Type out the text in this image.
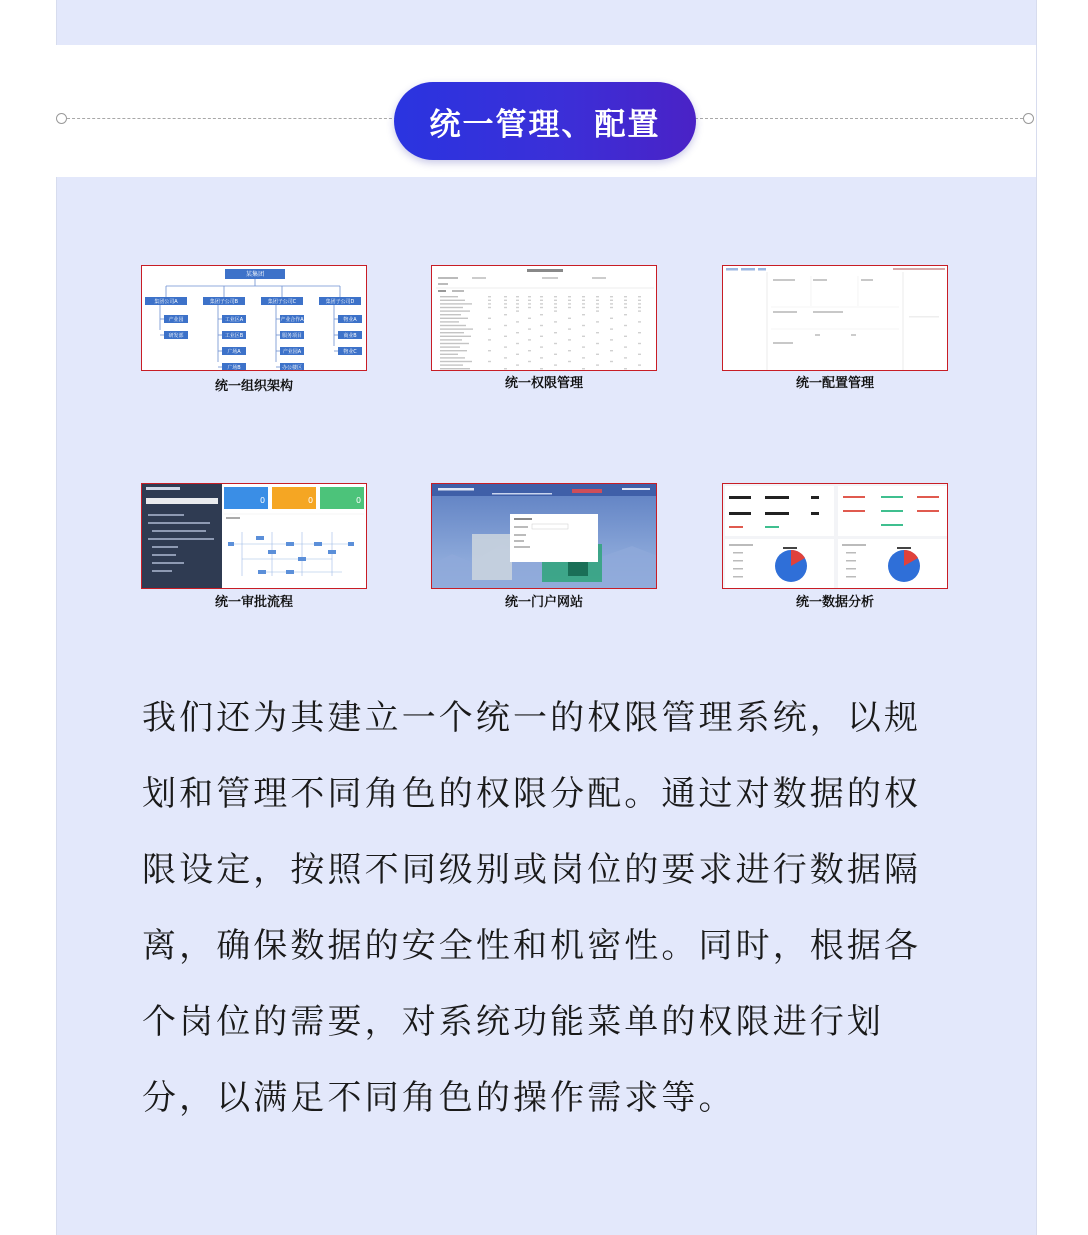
统一管理、配置
某集团
集团公司A
产业园
研发部
集团子公司B
工业区A
工业区B
广场A
广场B
集团子公司C
产业合作A
服务项目
产业园A
办公楼区
集团子公司D
物业A
商业B
物业C
统一组织架构	统一权限管理	统一配置管理
0	0	0
统一审批流程	统一门户网站	统一数据分析

我们还为其建立一个统一的权限管理系统，以规划和管理不同角色的权限分配。通过对数据的权限设定，按照不同级别或岗位的要求进行数据隔离，确保数据的安全性和机密性。同时，根据各个岗位的需要，对系统功能菜单的权限进行划分，以满足不同角色的操作需求等。
